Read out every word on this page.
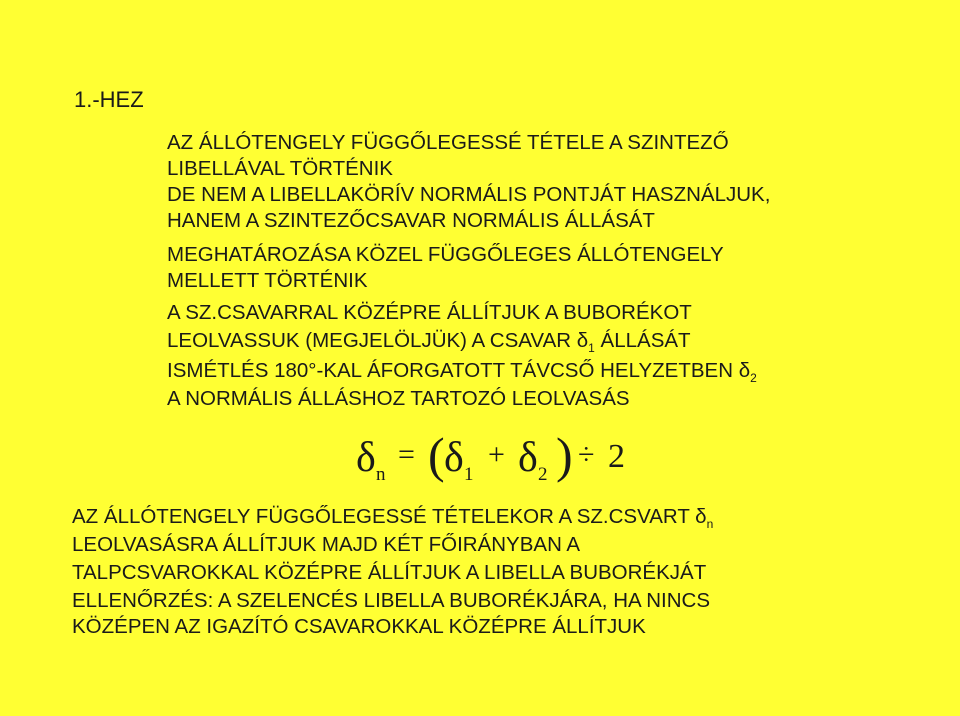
1.-HEZ
AZ ÁLLÓTENGELY FÜGGŐLEGESSÉ TÉTELE A SZINTEZŐ
LIBELLÁVAL TÖRTÉNIK
DE NEM A LIBELLAKÖRÍV NORMÁLIS PONTJÁT HASZNÁLJUK,
HANEM A SZINTEZŐCSAVAR NORMÁLIS ÁLLÁSÁT
MEGHATÁROZÁSA KÖZEL FÜGGŐLEGES ÁLLÓTENGELY
MELLETT TÖRTÉNIK
A SZ.CSAVARRAL KÖZÉPRE ÁLLÍTJUK A BUBORÉKOT
LEOLVASSUK (MEGJELÖLJÜK) A CSAVAR $\delta_1$ ÁLLÁSÁT
ISMÉTLÉS 180°-KAL ÁFORGATOTT TÁVCSŐ HELYZETBEN $\delta_2$
A NORMÁLIS ÁLLÁSHOZ TARTOZÓ LEOLVASÁS
δ n
= ( δ 1
+ δ 2 ) ÷ 2
AZ ÁLLÓTENGELY FÜGGŐLEGESSÉ TÉTELEKOR A SZ.CSVART $\delta_n$
LEOLVASÁSRA ÁLLÍTJUK MAJD KÉT FŐIRÁNYBAN A
TALPCSVAROKKAL KÖZÉPRE ÁLLÍTJUK A LIBELLA BUBORÉKJÁT
ELLENŐRZÉS: A SZELENCÉS LIBELLA BUBORÉKJÁRA, HA NINCS
KÖZÉPEN AZ IGAZÍTÓ CSAVAROKKAL KÖZÉPRE ÁLLÍTJUK
